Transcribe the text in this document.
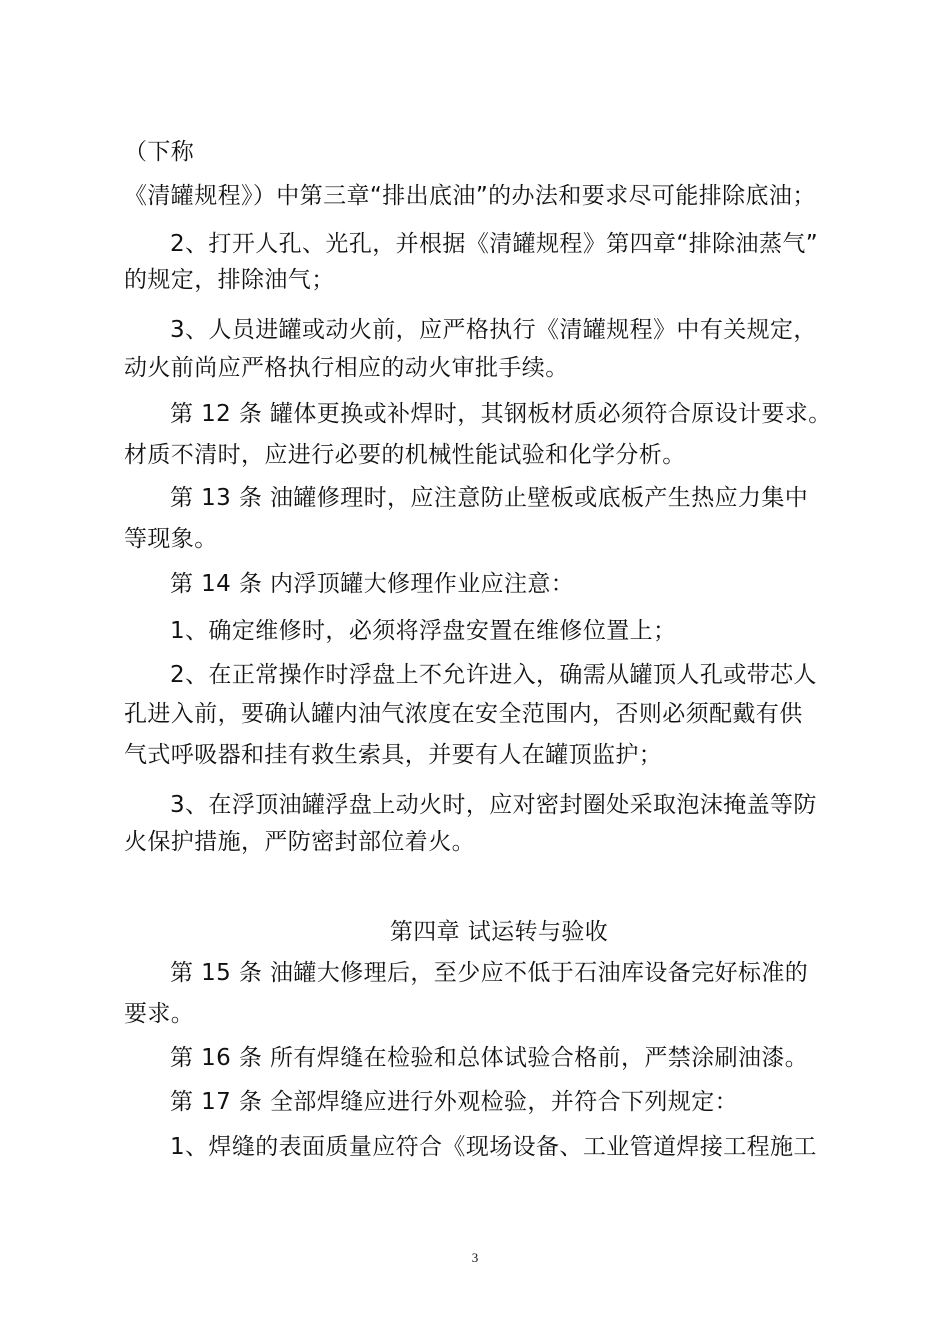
（下称
《清罐规程》）中第三章“排出底油”的办法和要求尽可能排除底油；
2、打开人孔、光孔，并根据《清罐规程》第四章“排除油蒸气”
的规定，排除油气；
3、人员进罐或动火前，应严格执行《清罐规程》中有关规定，
动火前尚应严格执行相应的动火审批手续。
第 12 条 罐体更换或补焊时，其钢板材质必须符合原设计要求。
材质不清时，应进行必要的机械性能试验和化学分析。
第 13 条 油罐修理时，应注意防止壁板或底板产生热应力集中
等现象。
第 14 条 内浮顶罐大修理作业应注意：
1、确定维修时，必须将浮盘安置在维修位置上；
2、在正常操作时浮盘上不允许进入，确需从罐顶人孔或带芯人
孔进入前，要确认罐内油气浓度在安全范围内，否则必须配戴有供
气式呼吸器和挂有救生索具，并要有人在罐顶监护；
3、在浮顶油罐浮盘上动火时，应对密封圈处采取泡沫掩盖等防
火保护措施，严防密封部位着火。
第四章 试运转与验收
第 15 条 油罐大修理后，至少应不低于石油库设备完好标准的
要求。
第 16 条 所有焊缝在检验和总体试验合格前，严禁涂刷油漆。
第 17 条 全部焊缝应进行外观检验，并符合下列规定：
1、焊缝的表面质量应符合《现场设备、工业管道焊接工程施工
3
